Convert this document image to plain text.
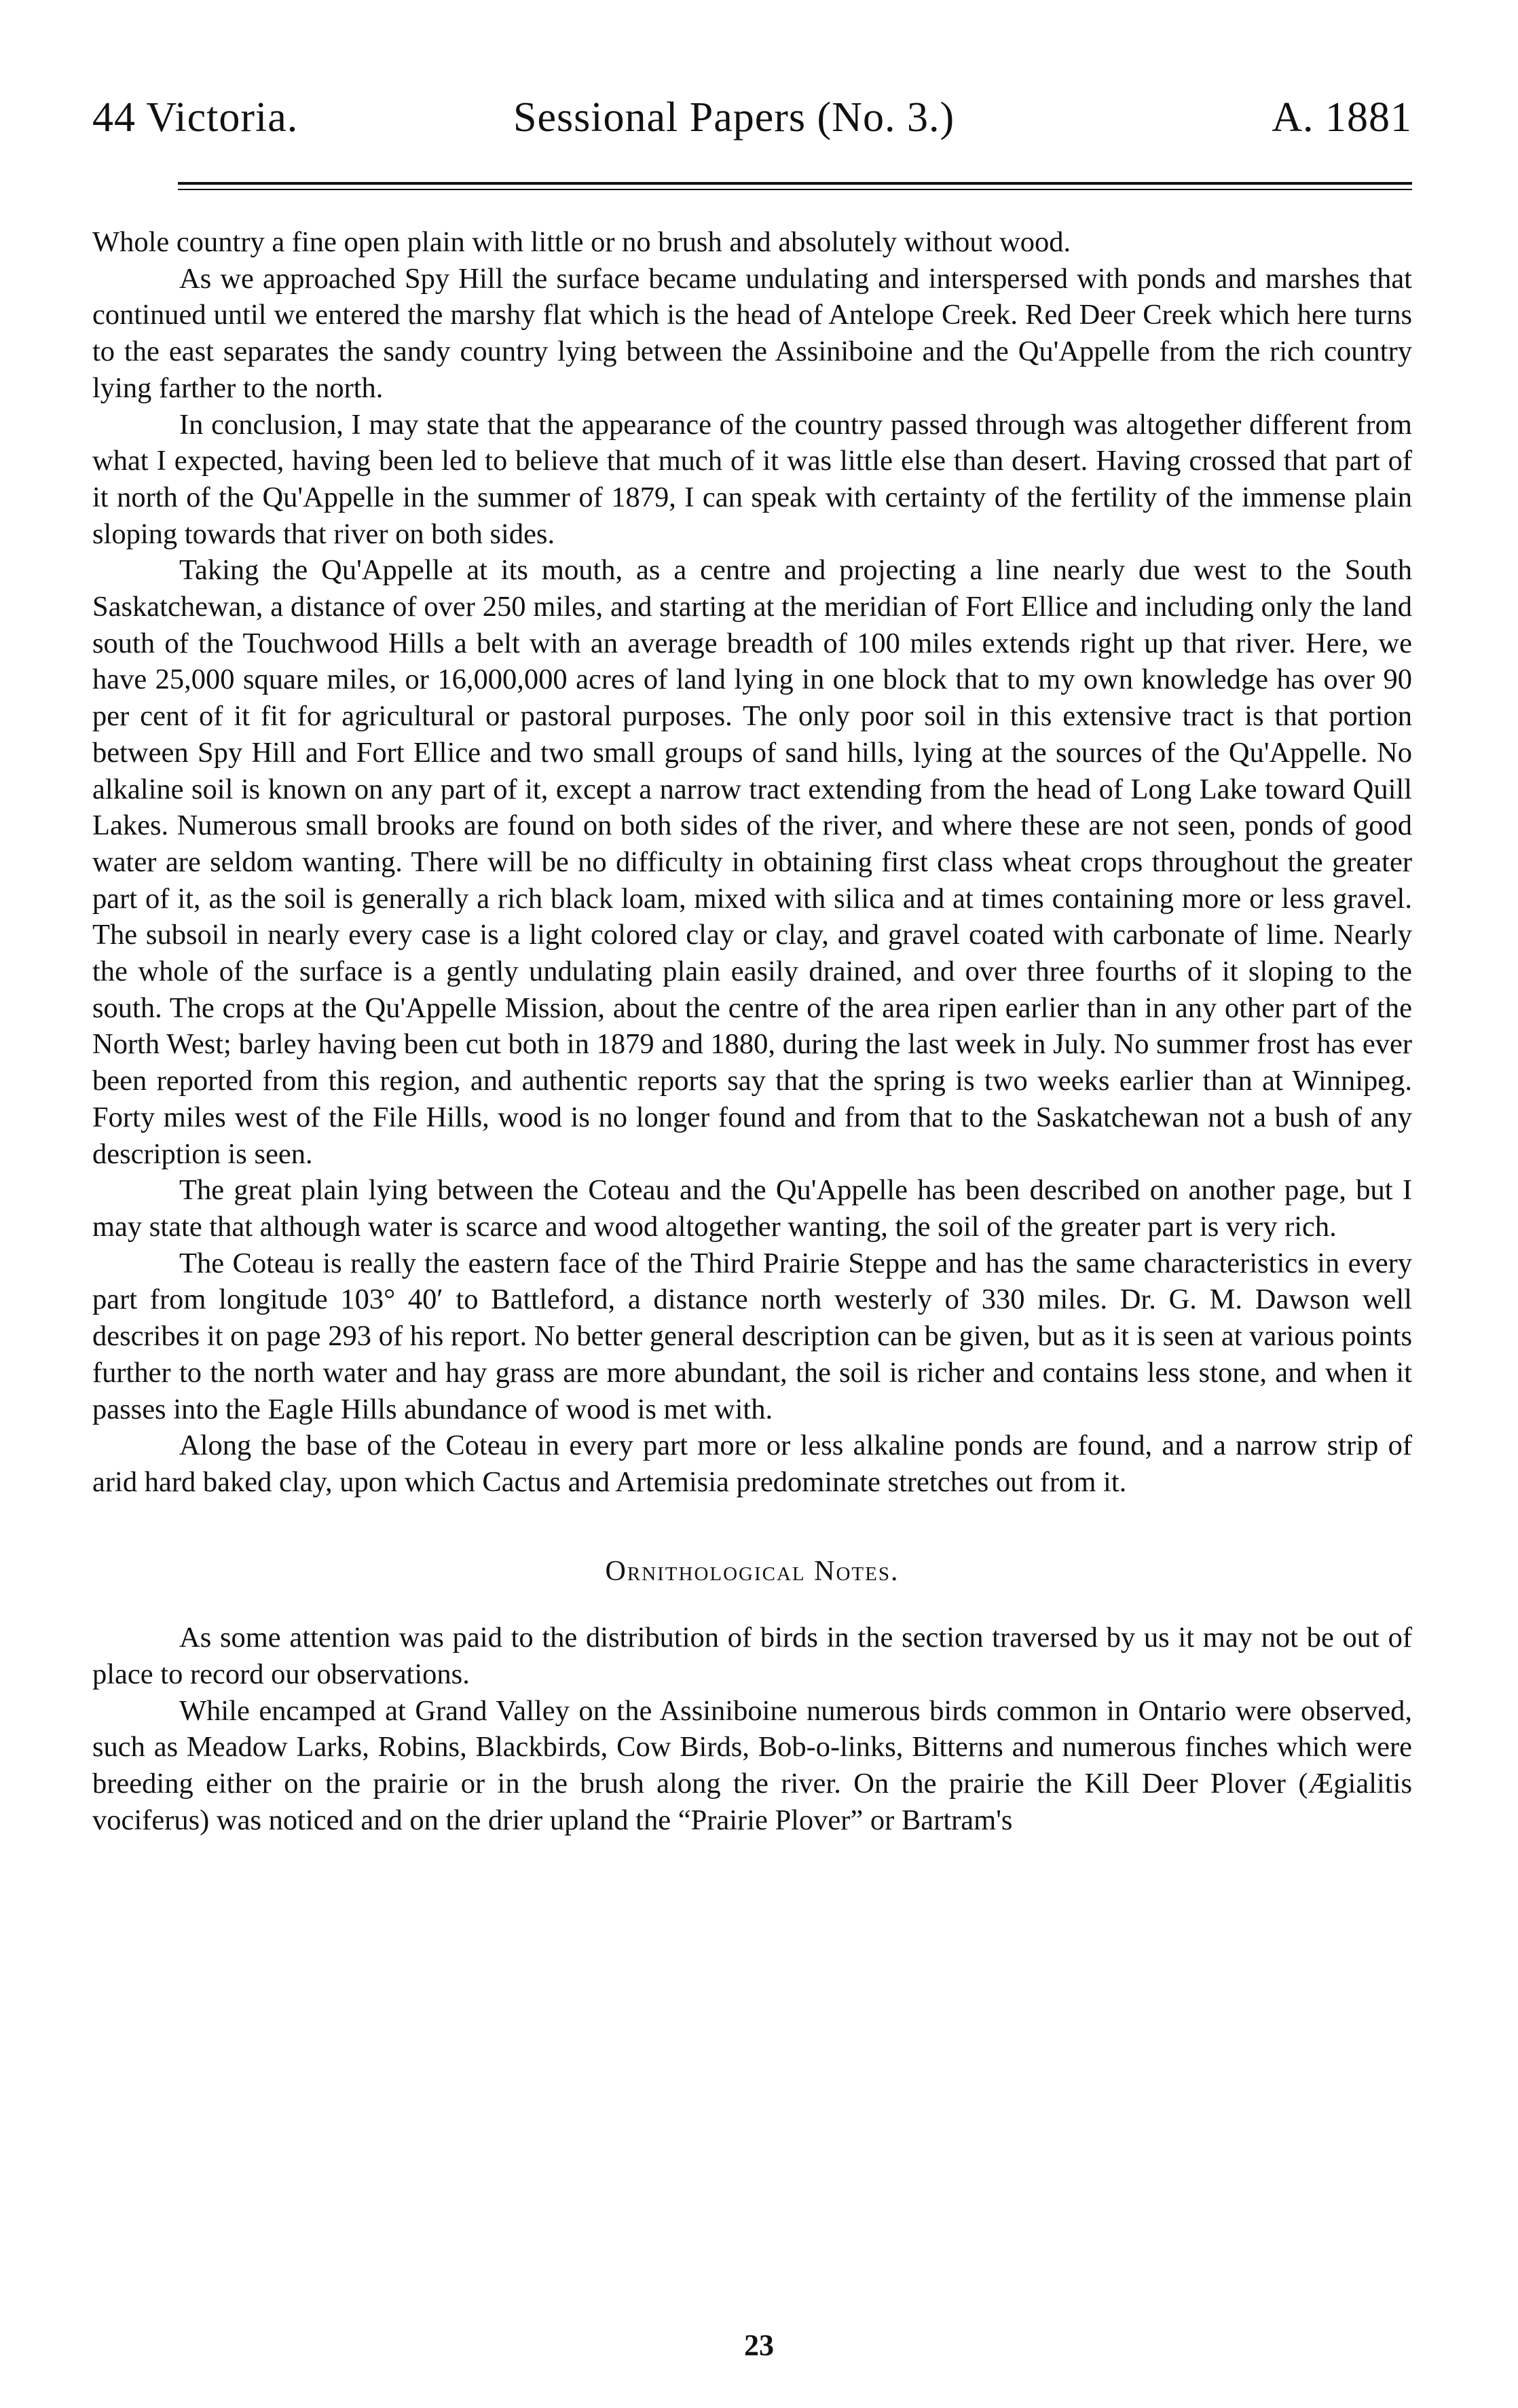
44 Victoria.	Sessional Papers (No. 3.)	A. 1881

Whole country a fine open plain with little or no brush and absolutely without wood.

As we approached Spy Hill the surface became undulating and interspersed with ponds and marshes that continued until we entered the marshy flat which is the head of Antelope Creek. Red Deer Creek which here turns to the east separates the sandy country lying between the Assiniboine and the Qu'Appelle from the rich country lying farther to the north.

In conclusion, I may state that the appearance of the country passed through was altogether different from what I expected, having been led to believe that much of it was little else than desert. Having crossed that part of it north of the Qu'Appelle in the summer of 1879, I can speak with certainty of the fertility of the immense plain sloping towards that river on both sides.

Taking the Qu'Appelle at its mouth, as a centre and projecting a line nearly due west to the South Saskatchewan, a distance of over 250 miles, and starting at the meridian of Fort Ellice and including only the land south of the Touchwood Hills a belt with an average breadth of 100 miles extends right up that river. Here, we have 25,000 square miles, or 16,000,000 acres of land lying in one block that to my own knowledge has over 90 per cent of it fit for agricultural or pastoral purposes. The only poor soil in this extensive tract is that portion between Spy Hill and Fort Ellice and two small groups of sand hills, lying at the sources of the Qu'Appelle. No alkaline soil is known on any part of it, except a narrow tract extending from the head of Long Lake toward Quill Lakes. Numerous small brooks are found on both sides of the river, and where these are not seen, ponds of good water are seldom wanting. There will be no difficulty in obtaining first class wheat crops throughout the greater part of it, as the soil is generally a rich black loam, mixed with silica and at times containing more or less gravel. The subsoil in nearly every case is a light colored clay or clay, and gravel coated with carbonate of lime. Nearly the whole of the surface is a gently undulating plain easily drained, and over three fourths of it sloping to the south. The crops at the Qu'Appelle Mission, about the centre of the area ripen earlier than in any other part of the North West; barley having been cut both in 1879 and 1880, during the last week in July. No summer frost has ever been reported from this region, and authentic reports say that the spring is two weeks earlier than at Winnipeg. Forty miles west of the File Hills, wood is no longer found and from that to the Saskatchewan not a bush of any description is seen.

The great plain lying between the Coteau and the Qu'Appelle has been described on another page, but I may state that although water is scarce and wood altogether wanting, the soil of the greater part is very rich.

The Coteau is really the eastern face of the Third Prairie Steppe and has the same characteristics in every part from longitude 103° 40′ to Battleford, a distance north westerly of 330 miles. Dr. G. M. Dawson well describes it on page 293 of his report. No better general description can be given, but as it is seen at various points further to the north water and hay grass are more abundant, the soil is richer and contains less stone, and when it passes into the Eagle Hills abundance of wood is met with.

Along the base of the Coteau in every part more or less alkaline ponds are found, and a narrow strip of arid hard baked clay, upon which Cactus and Artemisia predominate stretches out from it.

Ornithological Notes.

As some attention was paid to the distribution of birds in the section traversed by us it may not be out of place to record our observations.

While encamped at Grand Valley on the Assiniboine numerous birds common in Ontario were observed, such as Meadow Larks, Robins, Blackbirds, Cow Birds, Bob-o-links, Bitterns and numerous finches which were breeding either on the prairie or in the brush along the river. On the prairie the Kill Deer Plover (Ægialitis vociferus) was noticed and on the drier upland the “Prairie Plover” or Bartram's

23
